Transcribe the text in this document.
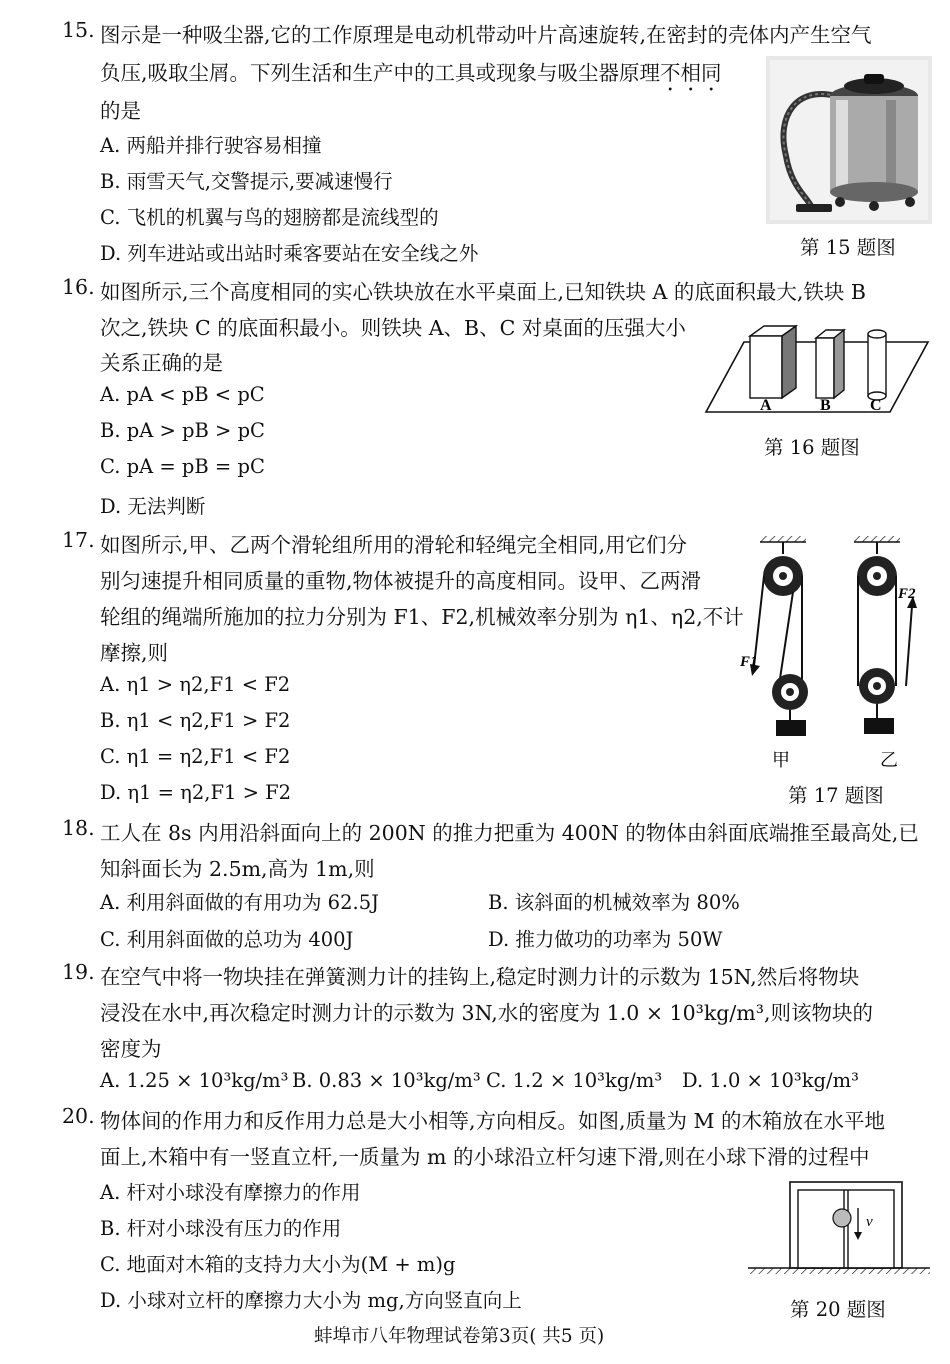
15. 图示是一种吸尘器,它的工作原理是电动机带动叶片高速旋转,在密封的壳体内产生空气
负压,吸取尘屑。下列生活和生产中的工具或现象与吸尘器原理不相同
的是
A. 两船并排行驶容易相撞
B. 雨雪天气,交警提示,要减速慢行
C. 飞机的机翼与鸟的翅膀都是流线型的
D. 列车进站或出站时乘客要站在安全线之外	第 15 题图
16. 如图所示,三个高度相同的实心铁块放在水平桌面上,已知铁块 A 的底面积最大,铁块 B
次之,铁块 C 的底面积最小。则铁块 A、B、C 对桌面的压强大小
关系正确的是
A. pA < pB < pC
B. pA > pB > pC
C. pA = pB = pC
D. 无法判断
A	B C
第 16 题图
17. 如图所示,甲、乙两个滑轮组所用的滑轮和轻绳完全相同,用它们分
别匀速提升相同质量的重物,物体被提升的高度相同。设甲、乙两滑
轮组的绳端所施加的拉力分别为 F1、F2,机械效率分别为 η1、η2,不计
摩擦,则
A. η1 > η2,F1 < F2
B. η1 < η2,F1 > F2
C. η1 = η2,F1 < F2
D. η1 = η2,F1 > F2
F1
甲
F2
乙
第 17 题图
18. 工人在 8s 内用沿斜面向上的 200N 的推力把重为 400N 的物体由斜面底端推至最高处,已
知斜面长为 2.5m,高为 1m,则
A. 利用斜面做的有用功为 62.5J	B. 该斜面的机械效率为 80%
C. 利用斜面做的总功为 400J	D. 推力做功的功率为 50W
19. 在空气中将一物块挂在弹簧测力计的挂钩上,稳定时测力计的示数为 15N,然后将物块
浸没在水中,再次稳定时测力计的示数为 3N,水的密度为 1.0 × 10³kg/m³,则该物块的
密度为
A. 1.25 × 10³kg/m³ B. 0.83 × 10³kg/m³ C. 1.2 × 10³kg/m³ D. 1.0 × 10³kg/m³
20. 物体间的作用力和反作用力总是大小相等,方向相反。如图,质量为 M 的木箱放在水平地
面上,木箱中有一竖直立杆,一质量为 m 的小球沿立杆匀速下滑,则在小球下滑的过程中
A. 杆对小球没有摩擦力的作用
B. 杆对小球没有压力的作用
C. 地面对木箱的支持力大小为(M + m)g
D. 小球对立杆的摩擦力大小为 mg,方向竖直向上
v
第 20 题图
蚌埠市八年物理试卷第3页( 共5 页)
